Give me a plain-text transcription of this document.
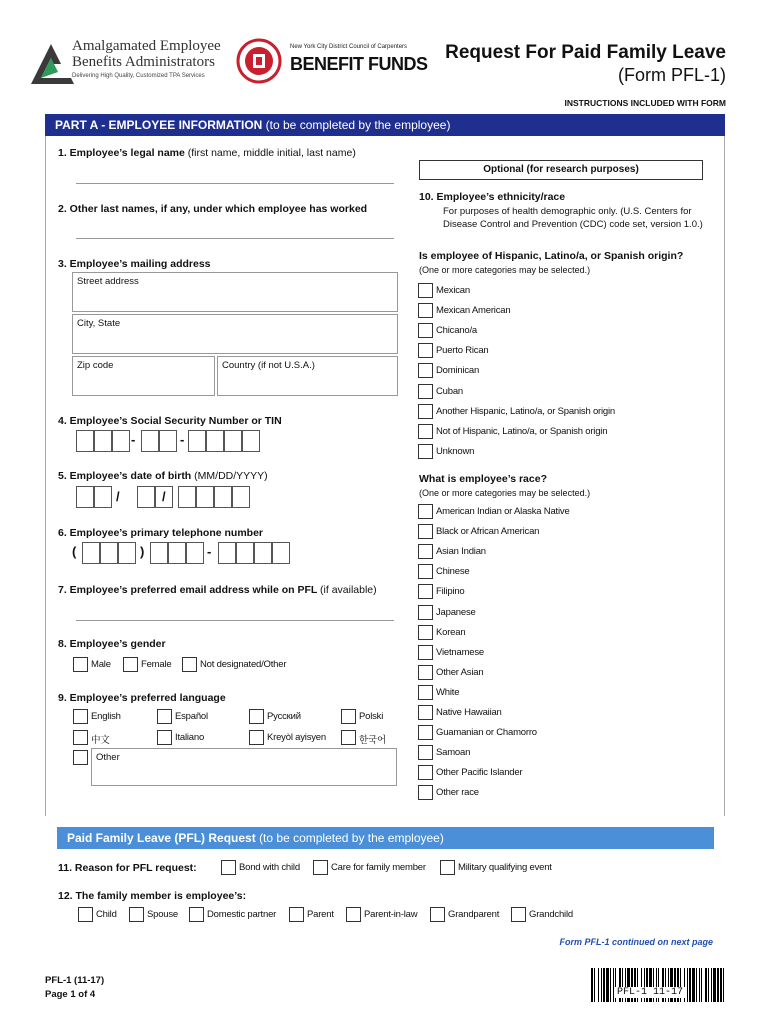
Amalgamated Employee
Benefits Administrators
Delivering High Quality, Customized TPA Services
New York City District Council of Carpenters
BENEFIT FUNDS
Request For Paid Family Leave
(Form PFL-1)
INSTRUCTIONS INCLUDED WITH FORM
PART A - EMPLOYEE INFORMATION (to be completed by the employee)
1. Employee’s legal name (first name, middle initial, last name)
2. Other last names, if any, under which employee has worked
3. Employee’s mailing address
Street address
City, State
Zip code	Country (if not U.S.A.)
4. Employee’s Social Security Number or TIN
-	-
5. Employee’s date of birth (MM/DD/YYYY)
/	/
6. Employee’s primary telephone number
(	)	-
7. Employee’s preferred email address while on PFL (if available)
8. Employee’s gender
Male	Female	Not designated/Other
9. Employee’s preferred language
English	Español	Русский	Polski
中文	Italiano	Kreyòl ayisyen	한국어
Other
Optional (for research purposes)
10. Employee’s ethnicity/race
For purposes of health demographic only. (U.S. Centers for
Disease Control and Prevention (CDC) code set, version 1.0.)
Is employee of Hispanic, Latino/a, or Spanish origin?
(One or more categories may be selected.)
Mexican
Mexican American
Chicano/a
Puerto Rican
Dominican
Cuban
Another Hispanic, Latino/a, or Spanish origin
Not of Hispanic, Latino/a, or Spanish origin
Unknown
What is employee’s race?
(One or more categories may be selected.)
American Indian or Alaska Native
Black or African American
Asian Indian
Chinese
Filipino
Japanese
Korean
Vietnamese
Other Asian
White
Native Hawaiian
Guamanian or Chamorro
Samoan
Other Pacific Islander
Other race
Paid Family Leave (PFL) Request (to be completed by the employee)
11. Reason for PFL request:	Bond with child	Care for family member	Military qualifying event
12. The family member is employee’s:
Child	Spouse	Domestic partner	Parent	Parent-in-law	Grandparent	Grandchild
Form PFL-1 continued on next page
PFL-1 (11-17)
Page 1 of 4	PFL-1 11-17
